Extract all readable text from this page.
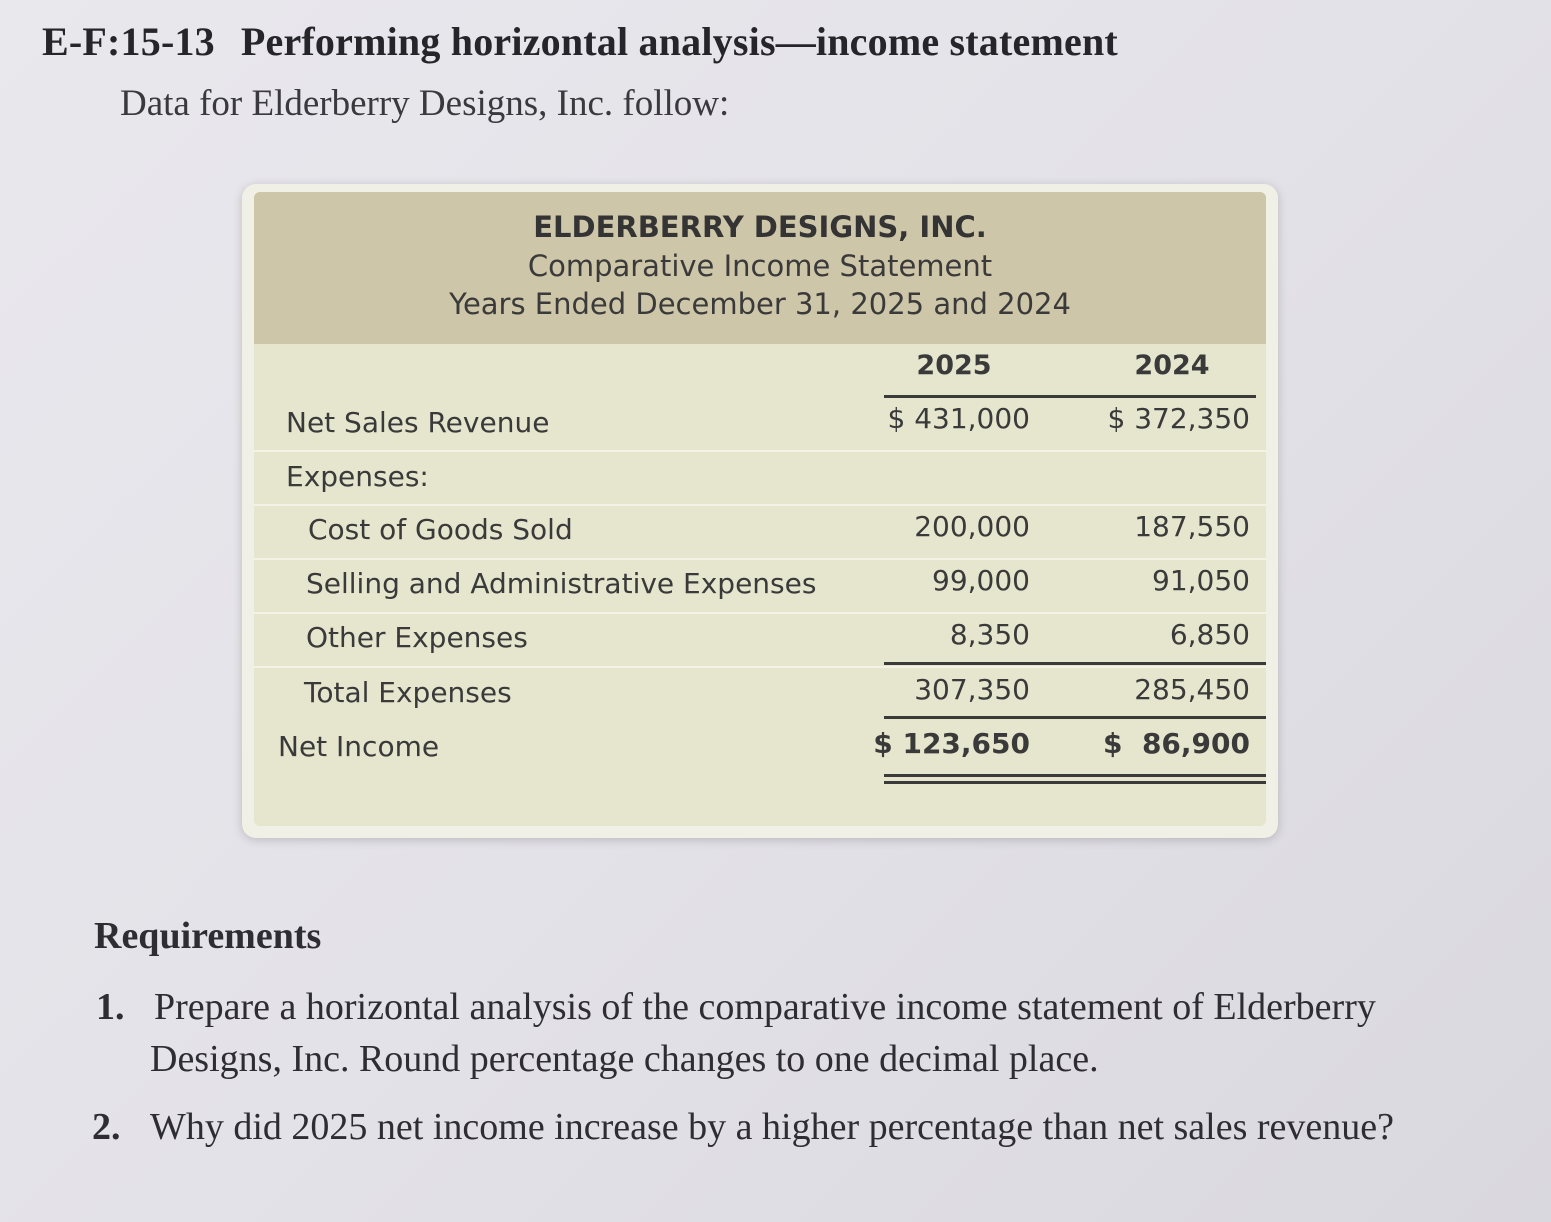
E-F:15-13 Performing horizontal analysis—income statement
Data for Elderberry Designs, Inc. follow:
ELDERBERRY DESIGNS, INC.
Comparative Income Statement
Years Ended December 31, 2025 and 2024
2025	2024
Net Sales Revenue	$ 431,000	$ 372,350
Expenses:
Cost of Goods Sold	200,000	187,550
Selling and Administrative Expenses	99,000	91,050
Other Expenses	8,350	6,850
Total Expenses	307,350	285,450
Net Income	$ 123,650	$  86,900
Requirements
1. Prepare a horizontal analysis of the comparative income statement of Elderberry
Designs, Inc. Round percentage changes to one decimal place.
2. Why did 2025 net income increase by a higher percentage than net sales revenue?
